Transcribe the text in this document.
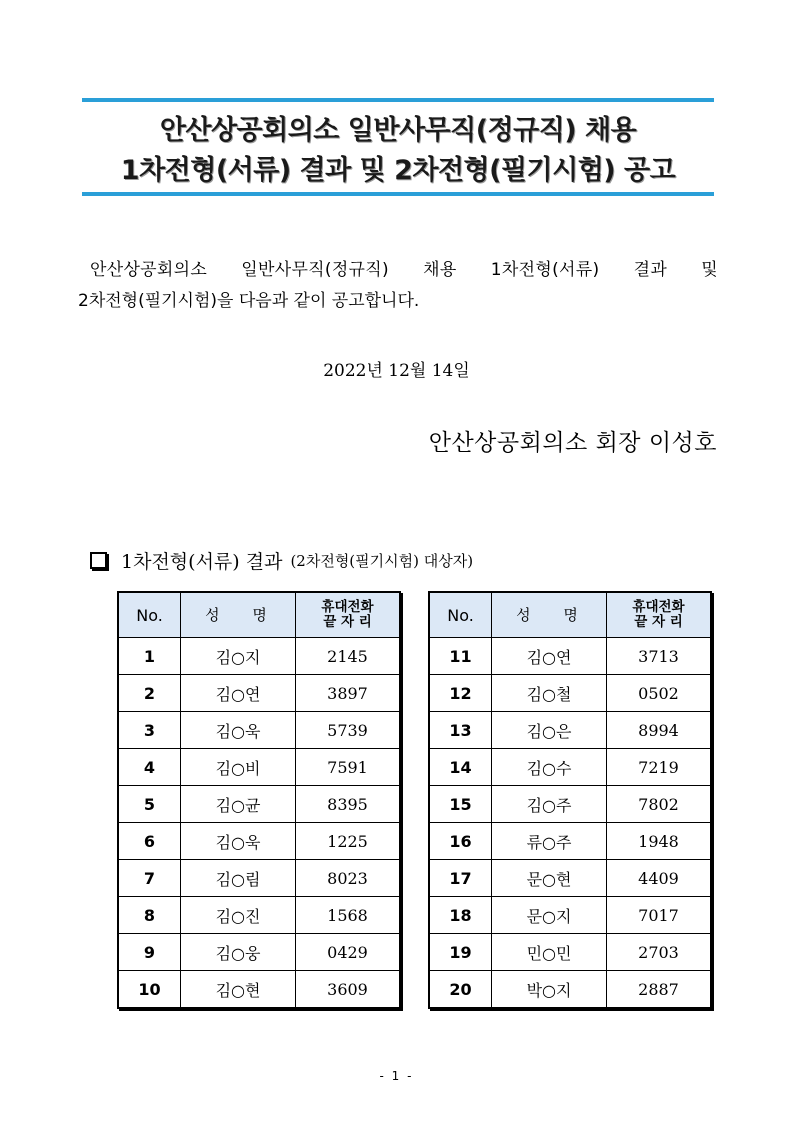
안산상공회의소 일반사무직(정규직) 채용
1차전형(서류) 결과 및 2차전형(필기시험) 공고
안산상공회의소 일반사무직(정규직) 채용 1차전형(서류) 결과 및
2차전형(필기시험)을 다음과 같이 공고합니다.
2022년 12월 14일
안산상공회의소 회장 이성호
1차전형(서류) 결과 (2차전형(필기시험) 대상자)
No.	성 명	휴대전화
끝 자 리
1	김○지	2145
2	김○연	3897
3	김○욱	5739
4	김○비	7591
5	김○균	8395
6	김○욱	1225
7	김○림	8023
8	김○진	1568
9	김○웅	0429
10	김○현	3609
No.	성 명	휴대전화
끝 자 리
11	김○연	3713
12	김○철	0502
13	김○은	8994
14	김○수	7219
15	김○주	7802
16	류○주	1948
17	문○현	4409
18	문○지	7017
19	민○민	2703
20	박○지	2887
- 1 -
